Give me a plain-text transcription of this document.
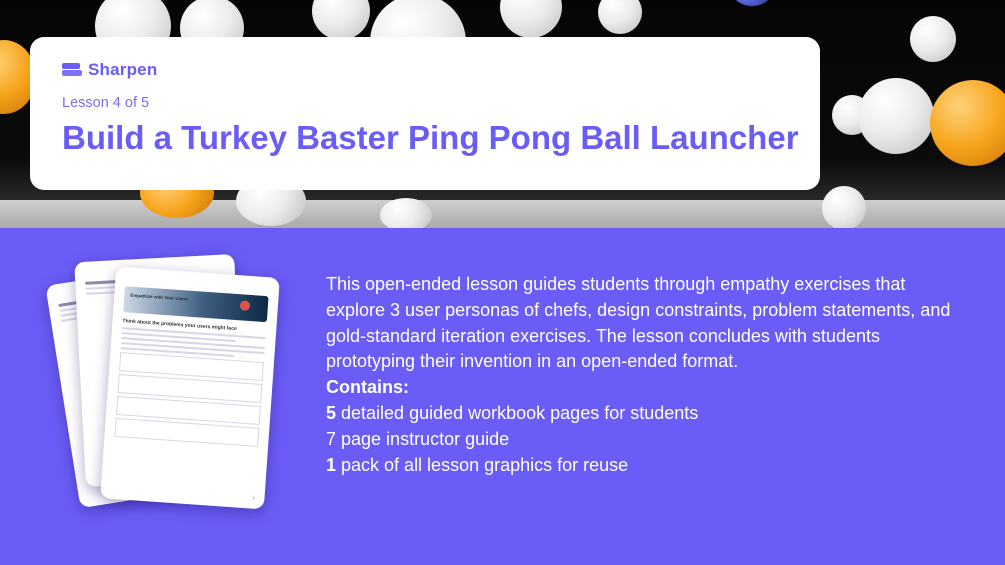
Sharpen
Lesson 4 of 5
Build a Turkey Baster Ping Pong Ball Launcher

Empathize with Your Users
Think about the problems your users might face
7

This open-ended lesson guides students through empathy exercises that explore 3 user personas of chefs, design constraints, problem statements, and gold-standard iteration exercises. The lesson concludes with students prototyping their invention in an open-ended format.

Contains:

5 detailed guided workbook pages for students

7 page instructor guide

1 pack of all lesson graphics for reuse
